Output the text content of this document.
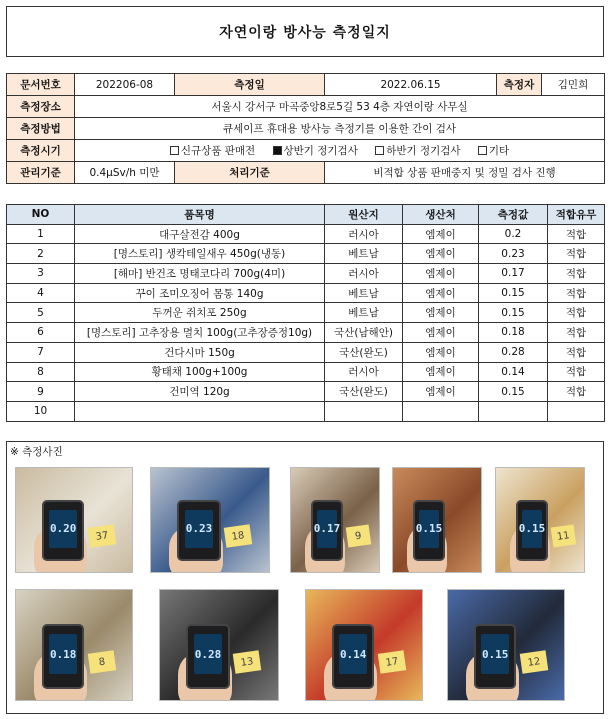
자연이랑 방사능 측정일지
문서번호	202206-08	측정일	2022.06.15	측정자	김민희
측정장소	서울시 강서구 마곡중앙8로5길 53 4층 자연이랑 사무실				
측정방법	큐세이프 휴대용 방사능 측정기를 이용한 간이 검사				
측정시기	신규상품 판매전 상반기 정기검사 하반기 정기검사 기타				
관리기준	0.4μSv/h 미만	처리기준	비적합 상품 판매중지 및 정밀 검사 진행		
NO	품목명	원산지	생산처	측정값	적합유무
1	대구살전감 400g	러시아	엠제이	0.2	적합
2	[명스토리] 생칵테일새우 450g(냉동)	베트남	엠제이	0.23	적합
3	[해마] 반건조 명태코다리 700g(4미)	러시아	엠제이	0.17	적합
4	꾸이 조미오징어 몸통 140g	베트남	엠제이	0.15	적합
5	두꺼운 쥐치포 250g	베트남	엠제이	0.15	적합
6	[명스토리] 고추장용 멸치 100g(고추장증정10g)	국산(남해안)	엠제이	0.18	적합
7	건다시마 150g	국산(완도)	엠제이	0.28	적합
8	황태채 100g+100g	러시아	엠제이	0.14	적합
9	건미역 120g	국산(완도)	엠제이	0.15	적합
10					
※ 측정사진
0.20
37
0.23
18
0.17
9
0.15	0.15
11
0.18
8
0.28
13
0.14
17
0.15
12
